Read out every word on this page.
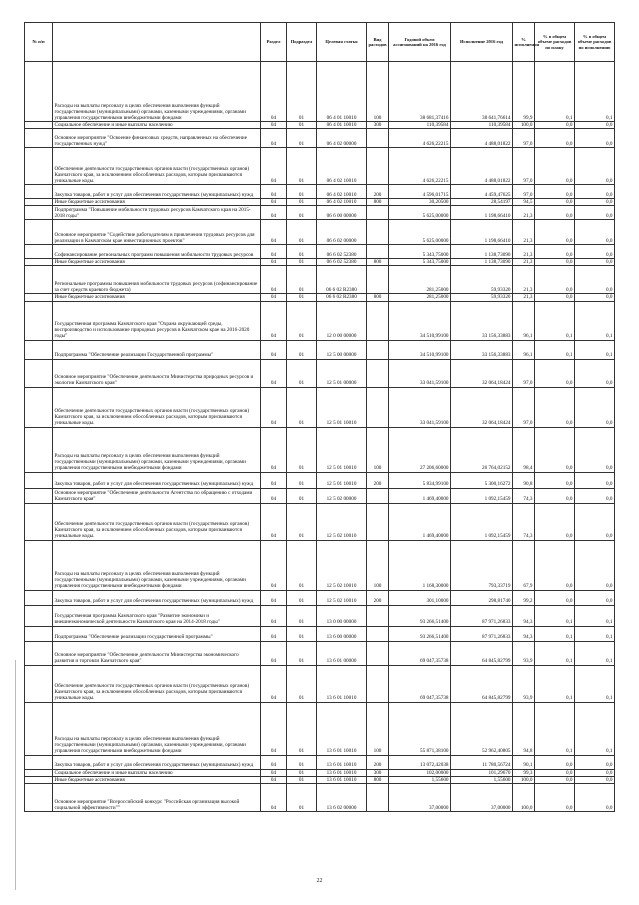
№ п/п		Раздел	Подраздел	Целевая статья	Вид расходов	Годовой объем ассигнований на 2016 год	Исполнение 2016 год	% исполнения	% в общем объеме расходов по плану	% в общем объеме расходов по исполнению
	Расходы на выплаты персоналу в целях обеспечения выполнения функций государственными (муниципальными) органами, казенными учреждениями, органами управления государственными внебюджетными фондами	04	01	06 4 01 10010	100	38 681,37416	38 641,76614	99,9	0,1	0,1
	Социальное обеспечение и иные выплаты населению	04	01	06 4 01 10010	300	110,39584	110,39584	100,0	0,0	0,0
	Основное мероприятие "Освоение финансовых средств, направленных на обеспечение государственных нужд"	04	01	06 4 02 00000		4 626,22215	4 488,01822	97,0	0,0	0,0
	Обеспечение деятельности государственных органов власти (государственных органов) Камчатского края, за исключением обособленных расходов, которым присваиваются уникальные коды.	04	01	06 4 02 10010		4 626,22215	4 488,01822	97,0	0,0	0,0
	Закупка товаров, работ и услуг для обеспечения государственных (муниципальных) нужд	04	01	06 4 02 10010	200	4 596,01715	4 459,47625	97,0	0,0	0,0
	Иные бюджетные ассигнования	04	01	06 4 02 10010	800	30,20500	28,54197	94,5	0,0	0,0
	Подпрограмма "Повышение мобильности трудовых ресурсов Камчатского края на 2015-2018 годы"	04	01	06 6 00 00000		5 625,00000	1 198,66410	21,3	0,0	0,0
	Основное мероприятие "Содействие работодателям в привлечении трудовых ресурсов для реализации в Камчатском крае инвестиционных проектов"	04	01	06 6 02 00000		5 625,00000	1 198,66410	21,3	0,0	0,0
	Софинансирование региональных программ повышения мобильности трудовых ресурсов	04	01	06 6 02 52380		5 343,75000	1 138,73090	21,3	0,0	0,0
	Иные бюджетные ассигнования	04	01	06 6 02 52380	800	5 343,75000	1 138,73090	21,3	0,0	0,0
	Региональные программы повышения мобильности трудовых ресурсов (софинансирование за счет средств краевого бюджета)	04	01	06 6 02 R2380		281,25000	59,93320	21,3	0,0	0,0
	Иные бюджетные ассигнования	04	01	06 6 02 R2380	800	281,25000	59,93320	21,3	0,0	0,0
	Государственная программа Камчатского края "Охрана окружающей среды, воспроизводство и использование природных ресурсов в Камчатском крае на 2016-2020 годы"	04	01	12 0 00 00000		34 510,99100	33 156,33883	96,1	0,1	0,1
	Подпрограмма "Обеспечение реализации Государственной программы"	04	01	12 5 00 00000		34 510,99100	33 156,33883	96,1	0,1	0,1
	Основное мероприятие "Обеспечение деятельности Министерства природных ресурсов и экологии Камчатского края"	04	01	12 5 01 00000		33 041,59100	32 064,18424	97,0	0,0	0,0
	Обеспечение деятельности государственных органов власти (государственных органов) Камчатского края, за исключением обособленных расходов, которым присваиваются уникальные коды.	04	01	12 5 01 10010		33 041,59100	32 064,18424	97,0	0,0	0,0
	Расходы на выплаты персоналу в целях обеспечения выполнения функций государственными (муниципальными) органами, казенными учреждениями, органами управления государственными внебюджетными фондами	04	01	12 5 01 10010	100	27 206,60000	26 764,02152	98,4	0,0	0,0
	Закупка товаров, работ и услуг для обеспечения государственных (муниципальных) нужд	04	01	12 5 01 10010	200	5 834,99100	5 300,16272	90,8	0,0	0,0
	Основное мероприятие "Обеспечение деятельности Агентства по обращению с отходами Камчатского края"	04	01	12 5 02 00000		1 469,40000	1 092,15459	74,3	0,0	0,0
	Обеспечение деятельности государственных органов власти (государственных органов) Камчатского края, за исключением обособленных расходов, которым присваиваются уникальные коды.	04	01	12 5 02 10010		1 469,40000	1 092,15459	74,3	0,0	0,0
	Расходы на выплаты персоналу в целях обеспечения выполнения функций государственными (муниципальными) органами, казенными учреждениями, органами управления государственными внебюджетными фондами	04	01	12 5 02 10010	100	1 168,30000	793,33719	67,9	0,0	0,0
	Закупка товаров, работ и услуг для обеспечения государственных (муниципальных) нужд	04	01	12 5 02 10010	200	301,10000	298,81740	99,2	0,0	0,0
	Государственная программа Камчатского края "Развитие экономики и внешнеэкономической деятельности Камчатского края на 2014-2018 годы"	04	01	13 0 00 00000		93 266,51400	87 971,26833	94,3	0,1	0,1
	Подпрограмма "Обеспечение реализации государственной программы"	04	01	13 6 00 00000		93 266,51400	87 971,26833	94,3	0,1	0,1
	Основное мероприятие "Обеспечение деятельности Министерства экономического развития и торговли Камчатского края"	04	01	13 6 01 00000		69 047,35738	64 845,82799	93,9	0,1	0,1
	Обеспечение деятельности государственных органов власти (государственных органов) Камчатского края, за исключением обособленных расходов, которым присваиваются уникальные коды.	04	01	13 6 01 10010		69 047,35738	64 845,82799	93,9	0,1	0,1
	Расходы на выплаты персоналу в целях обеспечения выполнения функций государственными (муниципальными) органами, казенными учреждениями, органами управления государственными внебюджетными фондами	04	01	13 6 01 10010	100	55 871,38100	52 962,40805	94,8	0,1	0,1
	Закупка товаров, работ и услуг для обеспечения государственных (муниципальных) нужд	04	01	13 6 01 10010	200	13 072,42038	11 780,56724	90,1	0,0	0,0
	Социальное обеспечение и иные выплаты населению	04	01	13 6 01 10010	300	102,00000	101,29670	99,3	0,0	0,0
	Иные бюджетные ассигнования	04	01	13 6 01 10010	800	1,55600	1,55600	100,0	0,0	0,0
	Основное мероприятие "Всероссийский конкурс "Российская организация высокой социальной эффективности""	04	01	13 6 02 00000		37,00000	37,00000	100,0	0,0	0,0
22
